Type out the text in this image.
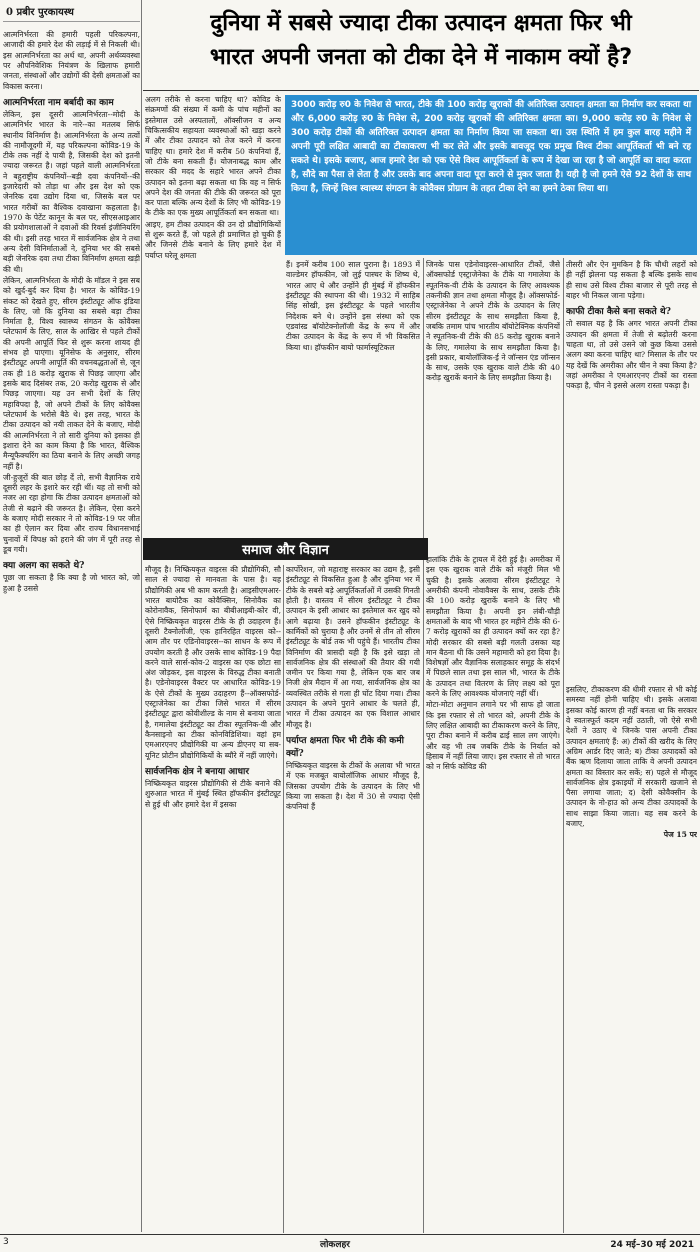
0 प्रबीर पुरकायस्थ

आत्मनिर्भरता की हमारी पहली परिकल्पना, आजादी की हमारे देश की लड़ाई में से निकली थी। इस आत्मनिर्भरता का अर्थ था, अपनी अर्थव्यवस्था पर औपनिवेशिक नियंत्रण के खिलाफ हमारी जनता, संस्थाओं और उद्योगों की देसी क्षमताओं का विकास करना।

आत्मनिर्भरता नाम बर्बादी का काम

लेकिन, इस दूसरी आत्मनिर्भरता--मोदी के आत्मनिर्भर भारत के नारे--का मतलब सिर्फ स्थानीय विनिर्माण है। आत्मनिर्भरता के अन्य तत्वों की नामौजूदगी में, यह परिकल्पना कोविड-19 के टीके तक नहीं दे पायी है, जिसकी देश को इतनी ज्यादा जरूरत है। जहां पहले वाली आत्मनिर्भरता ने बहुराष्ट्रीय कंपनियों--बड़ी दवा कंपनियों--की इजारेदारी को तोड़ा था और इस देश को एक जेनरिक दवा उद्योग दिया था, जिसके बल पर भारत गरीबों का वैश्विक दवाखाना कहलाता है। 1970 के पेटेंट कानून के बल पर, सीएसआइआर की प्रयोगशालाओं ने दवाओं की रिवर्स इंजीनियरिंग की थी। इसी तरह भारत में सार्वजनिक क्षेत्र ने तथा अन्य देसी विनिर्माताओं ने, दुनिया भर की सबसे बड़ी जेनरिक दवा तथा टीका विनिर्माण क्षमता खड़ी की थी।

लेकिन, आत्मनिर्भरता के मोदी के मॉडल ने इस सब को खुर्द-बुर्द कर दिया है। भारत के कोविड-19 संकट को देखते हुए, सीरम इंस्टीट्यूट ऑफ इंडिया के लिए, जो कि दुनिया का सबसे बड़ा टीका निर्माता है, विश्व स्वास्थ्य संगठन के कोवैक्स प्लेटफार्म के लिए, साल के आखिर से पहले टीकों की अपनी आपूर्ति फिर से शुरू करना शायद ही संभव हो पाएगा। यूनिसेफ के अनुसार, सीरम इंस्टीट्यूट अपनी आपूर्ति की वचनबद्धताओं से, जून तक ही 18 करोड़ खुराक से पिछड़ जाएगा और इसके बाद दिसंबर तक, 20 करोड़ खुराक से और पिछड़ जाएगा। यह उन सभी देशों के लिए महाविपदा है, जो अपने टीकों के लिए कोवैक्स प्लेटफार्म के भरोसे बैठे थे। इस तरह, भारत के टीका उत्पादन को नयी ताकत देने के बजाए, मोदी की आत्मनिर्भरता ने तो सारी दुनिया को इसका ही इशारा देने का काम किया है कि भारत, वैश्विक मैन्यूफैक्चरिंग का ठिया बनाने के लिए अच्छी जगह नहीं है।

जी-हुजूरों की बात छोड़ दें तो, सभी वैज्ञानिक राये दूसरी लहर के इशारे कर रही थीं। यह तो सभी को नजर आ रहा होगा कि टीका उत्पादन क्षमताओं को तेजी से बढ़ाने की जरूरत है। लेकिन, ऐसा करने के बजाए मोदी सरकार ने तो कोविड-19 पर जीत का ही ऐलान कर दिया और राज्य विधानसभाई चुनावों में विपक्ष को हराने की जंग में पूरी तरह से डूब गयी।

क्या अलग का सकते थे?

पूछा जा सकता है कि क्या है जो भारत को, जो हुआ है उससे

दुनिया में सबसे ज्यादा टीका उत्पादन क्षमता फिर भी
भारत अपनी जनता को टीका देने में नाकाम क्यों है?

अलग तरीके से करना चाहिए था? कोविड के संक्रमणों की संख्या में कमी के पांच महीनों का इस्तेमाल उसे अस्पतालों, ऑक्सीजन व अन्य चिकित्सकीय सहायता व्यवस्थाओं को खड़ा करने में और टीका उत्पादन को तेज करने में करना चाहिए था। हमारे देश में करीब 50 कंपनियां हैं, जो टीके बना सकती हैं। योजनाबद्ध काम और सरकार की मदद के सहारे भारत अपने टीका उत्पादन को इतना बढ़ा सकता था कि वह न सिर्फ अपने देश की जनता की टीके की जरूरत को पूरा कर पाता बल्कि अन्य देशों के लिए भी कोविड-19 के टीके का एक मुख्य आपूर्तिकर्ता बन सकता था।

आइए, हम टीका उत्पादन की उन दो प्रौद्योगिकियों से शुरू करते हैं, जो पहले ही प्रमाणित हो चुकी हैं और जिनसे टीके बनाने के लिए हमारे देश में पर्याप्त घरेलू क्षमता

3000 करोड़ रु0 के निवेश से भारत, टीके की 100 करोड़ खुराकों की अतिरिक्त उत्पादन क्षमता का निर्माण कर सकता था और 6,000 करोड़ रु0 के निवेश से, 200 करोड़ खुराकों की अतिरिक्त क्षमता का। 9,000 करोड़ रु0 के निवेश से 300 करोड़ टीकों की अतिरिक्त उत्पादन क्षमता का निर्माण किया जा सकता था। उस स्थिति में हम कुल बारह महीने में अपनी पूरी लक्षित आबादी का टीकाकरण भी कर लेते और इसके बावजूद एक प्रमुख विश्व टीका आपूर्तिकर्ता भी बने रह सकते थे। इसके बजाए, आज हमारे देश को एक ऐसे विश्व आपूर्तिकर्ता के रूप में देखा जा रहा है जो आपूर्ति का वादा करता है, सौदे का पैसा ले लेता है और उसके बाद अपना वादा पूरा करने से मुकर जाता है। यही है जो हमने ऐसे 92 देशों के साथ किया है, जिन्हें विश्व स्वास्थ्य संगठन के कोवैक्स प्रोग्राम के तहत टीका देने का हमने ठेका लिया था।

हैं। इनमें करीब 100 साल पुराना है। 1893 में वाल्डेमर हॉफकीन, जो लुई पास्चर के शिष्य थे, भारत आए थे और उन्होंने ही मुंबई में हॉफकीन इंस्टीट्यूट की स्थापना की थी। 1932 में साहिब सिंह सोखी, इस इंस्टीट्यूट के पहले भारतीय निदेशक बने थे। उन्होंने इस संस्था को एक एडवांस्ड बॉयोटेक्नोलॉजी केंद्र के रूप में और टीका उत्पादन के केंद्र के रूप में भी विकसित किया था। हॉफकीन बायो फार्मास्यूटिकल

जिनके पास एडेनोवाइरस-आधारित टीकों, जैसे ऑक्सफोर्ड एस्ट्राजेनेका के टीके या गमालेया के स्पूतनिक-वी टीके के उत्पादन के लिए आवश्यक तकनीकी ज्ञान तथा क्षमता मौजूद है। ऑक्सफोर्ड-एस्ट्राजेनेका ने अपने टीके के उत्पादन के लिए सीरम इंस्टीट्यूट के साथ समझौता किया है, जबकि तमाम पांच भारतीय बॉयोटेक्निक कंपनियों ने स्पूतनिक-वी टीके की 85 करोड़ खुराक बनाने के लिए, गमालेया के साथ समझौता किया है। इसी प्रकार, बायोलॉजिक-ई ने जॉन्सन एंड जॉन्सन के साथ, उसके एक खुराक वाले टीके की 40 करोड़ खुराकें बनाने के लिए समझौता किया है।

तीसरी और ऐन मुमकिन है कि चौथी लहरों को ही नहीं झेलना पड़ सकता है बल्कि इसके साथ ही साथ उसे विश्व टीका बाजार से पूरी तरह से बाहर भी निकल जाना पड़ेगा।

काफी टीका कैसे बना सकते थे?

तो सवाल यह है कि अगर भारत अपनी टीका उत्पादन की क्षमता में तेजी से बढ़ोतरी करना चाहता था, तो उसे उसने जो कुछ किया उससे अलग क्या करना चाहिए था? मिसाल के तौर पर यह देखें कि अमरीका और चीन ने क्या किया है? जहां अमरीका ने एमआरएनए टीकों का रास्ता पकड़ा है, चीन ने इससे अलग रास्ता पकड़ा है।

समाज और विज्ञान

मौजूद है। निष्क्रियकृत वाइरस की प्रौद्योगिकी, सौ साल से ज्यादा से मानवता के पास है। यह प्रौद्योगिकी अब भी काम करती है। आइसीएमआर-भारत बायोटैक का कोवैक्सिन, सिनोवैक का कोरोनावैक, सिनोफार्म का बीबीआइबी-कोर वी, ऐसे निष्क्रियकृत वाइरस टीके के ही उदाहरण हैं। दूसरी टैक्नोलॉजी, एक हानिरहित वाइरस को--आम तौर पर एडिनोवाइरस--का साधन के रूप में उपयोग करती है और उसके साथ कोविड-19 पैदा करने वाले सार्स-कोव-2 वाइरस का एक छोटा सा अंश जोड़कर, इस वाइरस के विरुद्ध टीका बनाती है। एडेनोवाइरस वैक्टर पर आधारित कोविड-19 के ऐसे टीकों के मुख्य उदाहरण हैं--ऑक्सफोर्ड-एस्ट्राजेनेका का टीका जिसे भारत में सीरम इंस्टीट्यूट द्वारा कोवीशील्ड के नाम से बनाया जाता है, गमालेया इंस्टीट्यूट का टीका स्पूतनिक-वी और कैनसाइनो का टीका कोनविडिशिया। वहां हम एमआरएनए प्रौद्योगिकी या अन्य डीएनए या सब-यूनिट प्रोटीन प्रौद्योगिकियों के ब्यौरे में नहीं जाएंगे।

सार्वजनिक क्षेत्र ने बनाया आधार

निष्क्रियकृत वाइरस प्रौद्योगिकी से टीके बनाने की शुरुआत भारत में मुंबई स्थित हॉफकीन इंस्टीट्यूट से हुई थी और हमारे देश में इसका

कार्पोरेशन, जो महाराष्ट्र सरकार का उद्यम है, इसी इंस्टीट्यूट से विकसित हुआ है और दुनिया भर में टीके के सबसे बड़े आपूर्तिकर्ताओं में उसकी गिनती होती है। वास्तव में सीरम इंस्टीट्यूट ने टीका उत्पादन के इसी आधार का इस्तेमाल कर खुद को आगे बढ़ाया है। उसने हॉफकीन इंस्टीट्यूट के कार्मिकों को चुराया है और उनमें से तीन तो सीरम इंस्टीट्यूट के बोर्ड तक भी पहुंचे हैं। भारतीय टीका विनिर्माण की त्रासदी यही है कि इसे खड़ा तो सार्वजनिक क्षेत्र की संस्थाओं की तैयार की गयी जमीन पर किया गया है, लेकिन एक बार जब निजी क्षेत्र मैदान में आ गया, सार्वजनिक क्षेत्र का व्यवस्थित तरीके से गला ही घोंट दिया गया। टीका उत्पादन के अपने पुराने आधार के चलते ही, भारत में टीका उत्पादन का एक विशाल आधार मौजूद है।

पर्याप्त क्षमता फिर भी टीके की कमी क्यों?

निष्क्रियकृत वाइरस के टीकों के अलावा भी भारत में एक मजबूत बायोलॉजिक आधार मौजूद है, जिसका उपयोग टीके के उत्पादन के लिए भी किया जा सकता है। देश में 30 से ज्यादा ऐसी कंपनियां हैं

हालांकि टीके के ट्रायल में देरी हुई है। अमरीका में इस एक खुराक वाले टीके को मंजूरी मिल भी चुकी है। इसके अलावा सीरम इंस्टीट्यूट ने अमरीकी कंपनी नोवावैक्स के साथ, उसके टीके की 100 करोड़ खुराकें बनाने के लिए भी समझौता किया है। अपनी इन लंबी-चौड़ी क्षमताओं के बाद भी भारत हर महीने टीके की 6-7 करोड़ खुराकों का ही उत्पादन क्यों कर रहा है? मोदी सरकार की सबसे बड़ी गलती उसका यह मान बैठना थी कि उसने महामारी को हरा दिया है। विशेषज्ञों और वैज्ञानिक सलाहकार समूह के संदर्भ में पिछले साल तथा इस साल भी, भारत के टीके के उत्पादन तथा वितरण के लिए लक्ष्य को पूरा करने के लिए आवश्यक योजनाएं नहीं थीं।

मोटा-मोटा अनुमान लगाने पर भी साफ हो जाता कि इस रफ्तार से तो भारत को, अपनी टीके के लिए लक्षित आबादी का टीकाकरण करने के लिए, पूरा टीका बनाने में करीब ढाई साल लग जाएंगे। और वह भी तब जबकि टीके के निर्यात को हिसाब में नहीं लिया जाए। इस रफ्तार से तो भारत को न सिर्फ कोविड की

इसलिए, टीकाकरण की धीमी रफ्तार से भी कोई समस्या नहीं होनी चाहिए थी। इसके अलावा इसका कोई कारण ही नहीं बनता था कि सरकार वे स्वतःस्फूर्त कदम नहीं उठाती, जो ऐसे सभी देशों ने उठाए थे जिनके पास अपनी टीका उत्पादन क्षमताएं हैं: अ) टीकों की खरीद के लिए अग्रिम आर्डर दिए जाते; ब) टीका उत्पादकों को बैंक ऋण दिलाया जाता ताकि वे अपनी उत्पादन क्षमता का विस्तार कर सकें; स) पहले से मौजूद सार्वजनिक क्षेत्र इकाइयों में सरकारी खजाने से पैसा लगाया जाता; द) देसी कोवैक्सीन के उत्पादन के नो-हाउ को अन्य टीका उत्पादकों के साथ साझा किया जाता। यह सब करने के बजाए,

पेज 15 पर

3	लोकलहर	24 मई–30 मई 2021
